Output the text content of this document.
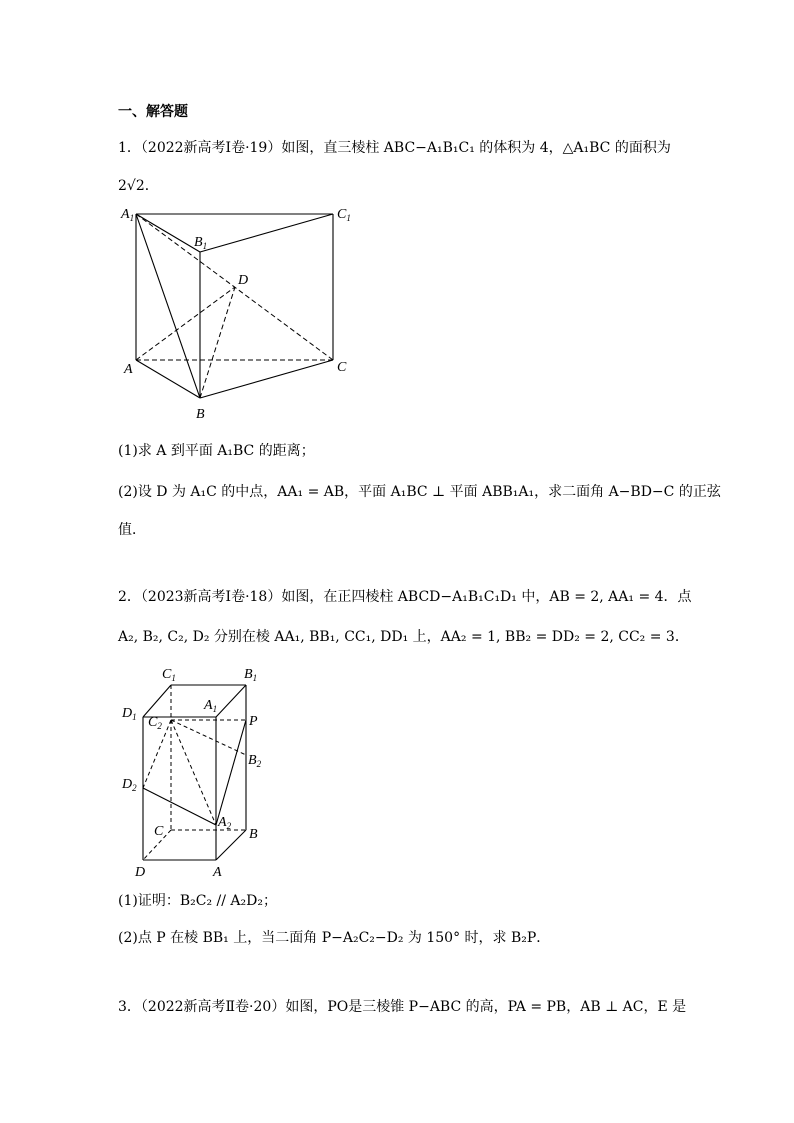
一、解答题
1．（2022新高考Ⅰ卷·19）如图，直三棱柱 ABC−A₁B₁C₁ 的体积为 4，△A₁BC 的面积为
2√2．
$A_1$
$B_1$
$C_1$
D
A
B
C
(1)求 A 到平面 A₁BC 的距离；
(2)设 D 为 A₁C 的中点，AA₁ = AB，平面 A₁BC ⊥ 平面 ABB₁A₁，求二面角 A−BD−C 的正弦
值．
2．（2023新高考Ⅰ卷·18）如图，在正四棱柱 ABCD−A₁B₁C₁D₁ 中，AB = 2, AA₁ = 4．点
A₂, B₂, C₂, D₂ 分别在棱 AA₁, BB₁, CC₁, DD₁ 上，AA₂ = 1, BB₂ = DD₂ = 2, CC₂ = 3．
$C_1$	$B_1$
$D_1$
$A_1$
$C_2$	P
$B_2$
$D_2$
$A_2$
C	B
D	A
(1)证明：B₂C₂ // A₂D₂；
(2)点 P 在棱 BB₁ 上，当二面角 P−A₂C₂−D₂ 为 150° 时，求 B₂P．
3．（2022新高考Ⅱ卷·20）如图，PO是三棱锥 P−ABC 的高，PA = PB，AB ⊥ AC，E 是
